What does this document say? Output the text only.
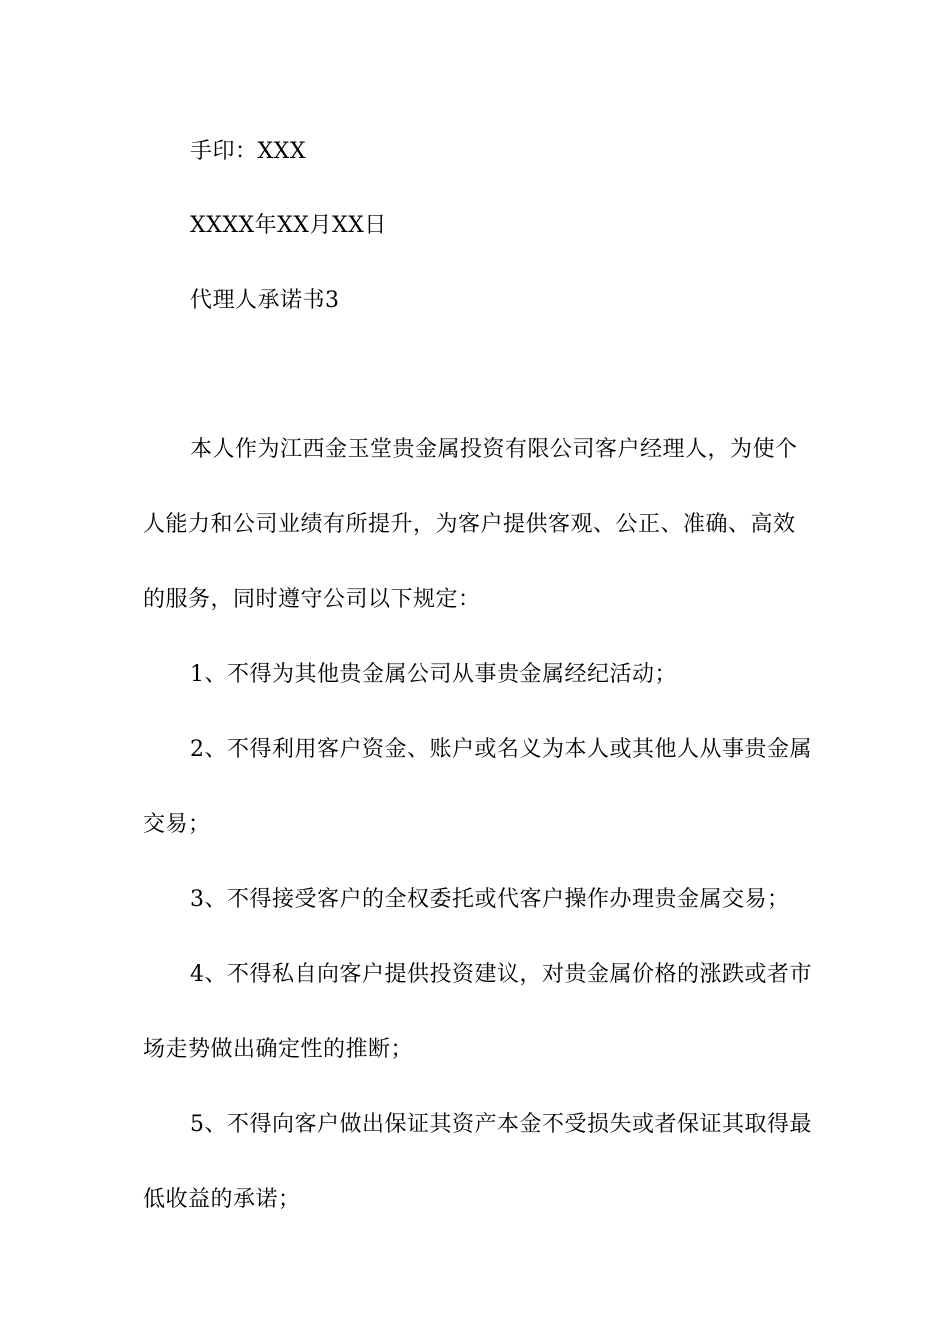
手印：XXX
XXXX年XX月XX日
代理人承诺书3
本人作为江西金玉堂贵金属投资有限公司客户经理人，为使个
人能力和公司业绩有所提升，为客户提供客观、公正、准确、高效
的服务，同时遵守公司以下规定：
1、不得为其他贵金属公司从事贵金属经纪活动；
2、不得利用客户资金、账户或名义为本人或其他人从事贵金属
交易；
3、不得接受客户的全权委托或代客户操作办理贵金属交易；
4、不得私自向客户提供投资建议，对贵金属价格的涨跌或者市
场走势做出确定性的推断；
5、不得向客户做出保证其资产本金不受损失或者保证其取得最
低收益的承诺；
